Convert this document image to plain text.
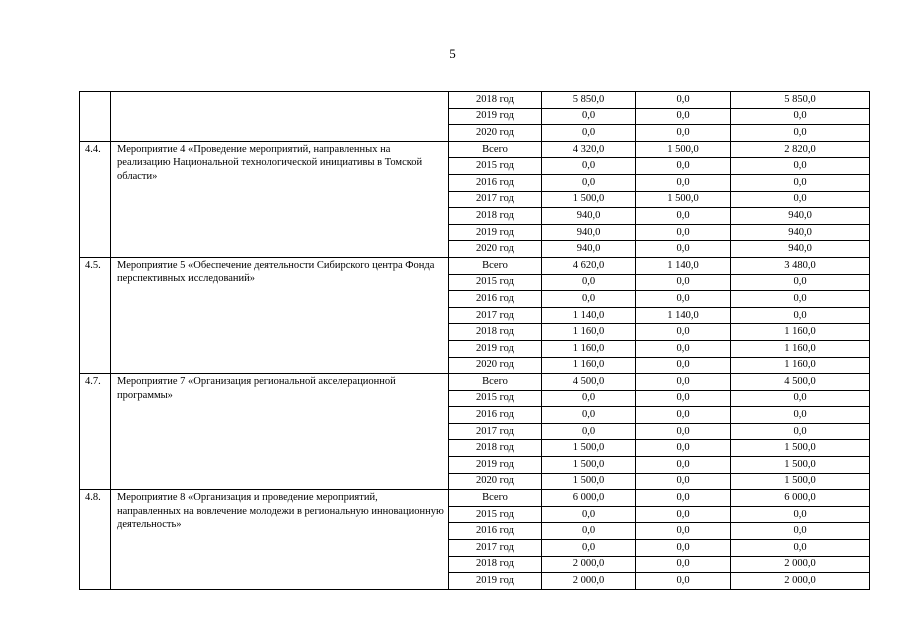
5
		2018 год	5 850,0	0,0	5 850,0
		2019 год	0,0	0,0	0,0
		2020 год	0,0	0,0	0,0
4.4.	Мероприятие 4 «Проведение мероприятий, направленных на реализацию Национальной технологической инициативы в Томской области»	Всего	4 320,0	1 500,0	2 820,0
		2015 год	0,0	0,0	0,0
		2016 год	0,0	0,0	0,0
		2017 год	1 500,0	1 500,0	0,0
		2018 год	940,0	0,0	940,0
		2019 год	940,0	0,0	940,0
		2020 год	940,0	0,0	940,0
4.5.	Мероприятие 5 «Обеспечение деятельности Сибирского центра Фонда перспективных исследований»	Всего	4 620,0	1 140,0	3 480,0
		2015 год	0,0	0,0	0,0
		2016 год	0,0	0,0	0,0
		2017 год	1 140,0	1 140,0	0,0
		2018 год	1 160,0	0,0	1 160,0
		2019 год	1 160,0	0,0	1 160,0
		2020 год	1 160,0	0,0	1 160,0
4.7.	Мероприятие 7 «Организация региональной акселерационной программы»	Всего	4 500,0	0,0	4 500,0
		2015 год	0,0	0,0	0,0
		2016 год	0,0	0,0	0,0
		2017 год	0,0	0,0	0,0
		2018 год	1 500,0	0,0	1 500,0
		2019 год	1 500,0	0,0	1 500,0
		2020 год	1 500,0	0,0	1 500,0
4.8.	Мероприятие 8 «Организация и проведение мероприятий, направленных на вовлечение молодежи в региональную инновационную деятельность»	Всего	6 000,0	0,0	6 000,0
		2015 год	0,0	0,0	0,0
		2016 год	0,0	0,0	0,0
		2017 год	0,0	0,0	0,0
		2018 год	2 000,0	0,0	2 000,0
		2019 год	2 000,0	0,0	2 000,0
